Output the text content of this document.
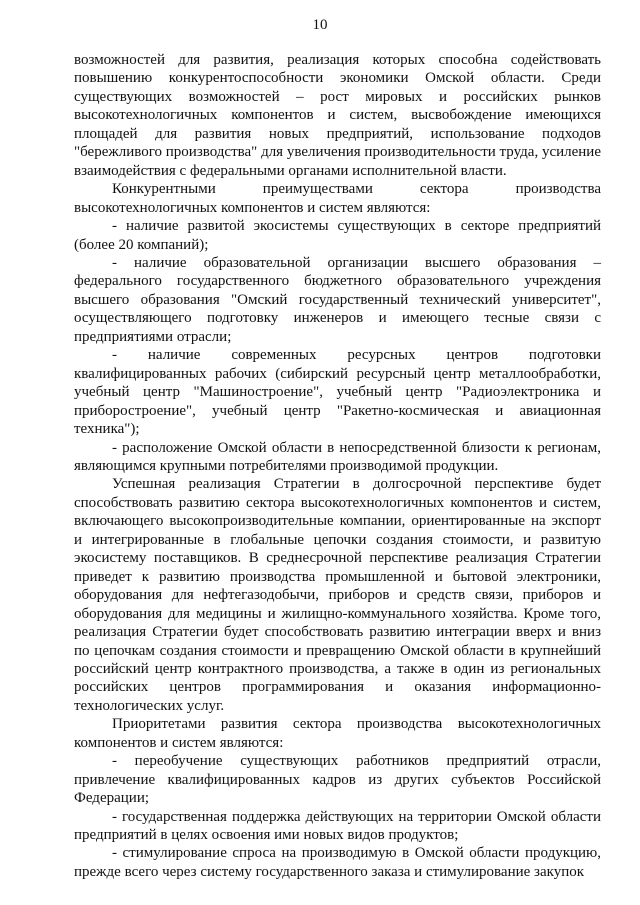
10

возможностей для развития, реализация которых способна содействовать повышению конкурентоспособности экономики Омской области. Среди существующих возможностей – рост мировых и российских рынков высокотехнологичных компонентов и систем, высвобождение имеющихся площадей для развития новых предприятий, использование подходов "бережливого производства" для увеличения производительности труда, усиление взаимодействия с федеральными органами исполнительной власти.

Конкурентными преимуществами сектора производства высокотехнологичных компонентов и систем являются:

- наличие развитой экосистемы существующих в секторе предприятий (более 20 компаний);

- наличие образовательной организации высшего образования – федерального государственного бюджетного образовательного учреждения высшего образования "Омский государственный технический университет", осуществляющего подготовку инженеров и имеющего тесные связи с предприятиями отрасли;

- наличие современных ресурсных центров подготовки квалифицированных рабочих (сибирский ресурсный центр металлообработки, учебный центр "Машиностроение", учебный центр "Радиоэлектроника и приборостроение", учебный центр "Ракетно-космическая и авиационная техника");

- расположение Омской области в непосредственной близости к регионам, являющимся крупными потребителями производимой продукции.

Успешная реализация Стратегии в долгосрочной перспективе будет способствовать развитию сектора высокотехнологичных компонентов и систем, включающего высокопроизводительные компании, ориентированные на экспорт и интегрированные в глобальные цепочки создания стоимости, и развитую экосистему поставщиков. В среднесрочной перспективе реализация Стратегии приведет к развитию производства промышленной и бытовой электроники, оборудования для нефтегазодобычи, приборов и средств связи, приборов и оборудования для медицины и жилищно-коммунального хозяйства. Кроме того, реализация Стратегии будет способствовать развитию интеграции вверх и вниз по цепочкам создания стоимости и превращению Омской области в крупнейший российский центр контрактного производства, а также в один из региональных российских центров программирования и оказания информационно-технологических услуг.

Приоритетами развития сектора производства высокотехнологичных компонентов и систем являются:

- переобучение существующих работников предприятий отрасли, привлечение квалифицированных кадров из других субъектов Российской Федерации;

- государственная поддержка действующих на территории Омской области предприятий в целях освоения ими новых видов продуктов;

- стимулирование спроса на производимую в Омской области продукцию, прежде всего через систему государственного заказа и стимулирование закупок
